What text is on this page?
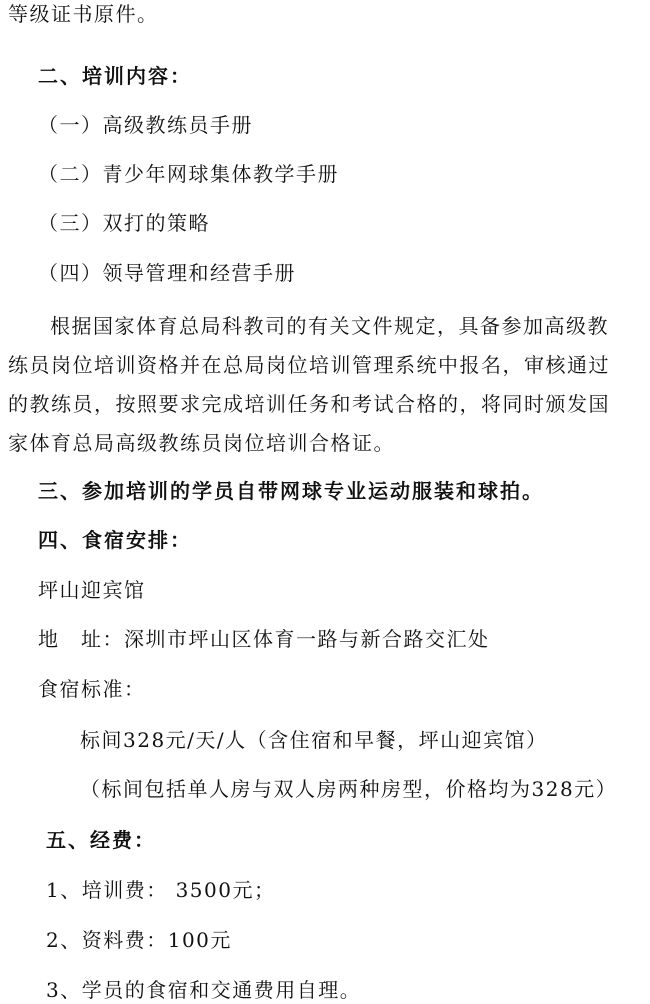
等级证书原件。
二、培训内容：
（一）高级教练员手册
（二）青少年网球集体教学手册
（三）双打的策略
（四）领导管理和经营手册
根据国家体育总局科教司的有关文件规定，具备参加高级教
练员岗位培训资格并在总局岗位培训管理系统中报名，审核通过
的教练员，按照要求完成培训任务和考试合格的，将同时颁发国
家体育总局高级教练员岗位培训合格证。
三、参加培训的学员自带网球专业运动服装和球拍。
四、食宿安排：
坪山迎宾馆
地　址：深圳市坪山区体育一路与新合路交汇处
食宿标准：
标间328元/天/人（含住宿和早餐，坪山迎宾馆）
（标间包括单人房与双人房两种房型，价格均为328元）
五、经费：
1、培训费： 3500元；
2、资料费：100元
3、学员的食宿和交通费用自理。
